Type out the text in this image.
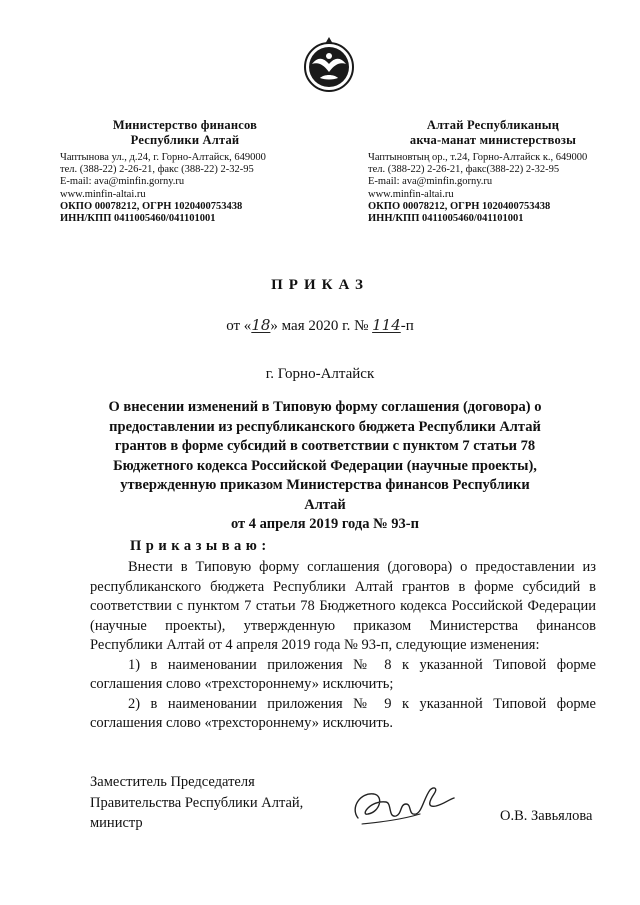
Министерство финансов
Республики Алтай
Чаптынова ул., д.24, г. Горно-Алтайск, 649000
тел. (388-22) 2-26-21, факс (388-22) 2-32-95
E-mail: ava@minfin.gorny.ru
www.minfin-altai.ru
ОКПО 00078212, ОГРН 1020400753438
ИНН/КПП 0411005460/041101001
Алтай Республиканың
акча-манат министерствозы
Чаптыновтың ор., т.24, Горно-Алтайск к., 649000
тел. (388-22) 2-26-21, факс(388-22) 2-32-95
E-mail: ava@minfin.gorny.ru
www.minfin-altai.ru
ОКПО 00078212, ОГРН 1020400753438
ИНН/КПП 0411005460/041101001
ПРИКАЗ
от «18» мая 2020 г. № 114-п
г. Горно-Алтайск
О внесении изменений в Типовую форму соглашения (договора) о
предоставлении из республиканского бюджета Республики Алтай
грантов в форме субсидий в соответствии с пунктом 7 статьи 78
Бюджетного кодекса Российской Федерации (научные проекты),
утвержденную приказом Министерства финансов Республики Алтай
от 4 апреля 2019 года № 93-п
Приказываю:

Внести в Типовую форму соглашения (договора) о предоставлении из республиканского бюджета Республики Алтай грантов в форме субсидий в соответствии с пунктом 7 статьи 78 Бюджетного кодекса Российской Федерации (научные проекты), утвержденную приказом Министерства финансов Республики Алтай от 4 апреля 2019 года № 93-п, следующие изменения:

1) в наименовании приложения № 8 к указанной Типовой форме соглашения слово «трехстороннему» исключить;

2) в наименовании приложения № 9 к указанной Типовой форме соглашения слово «трехстороннему» исключить.

Заместитель Председателя
Правительства Республики Алтай,
министр	О.В. Завьялова
